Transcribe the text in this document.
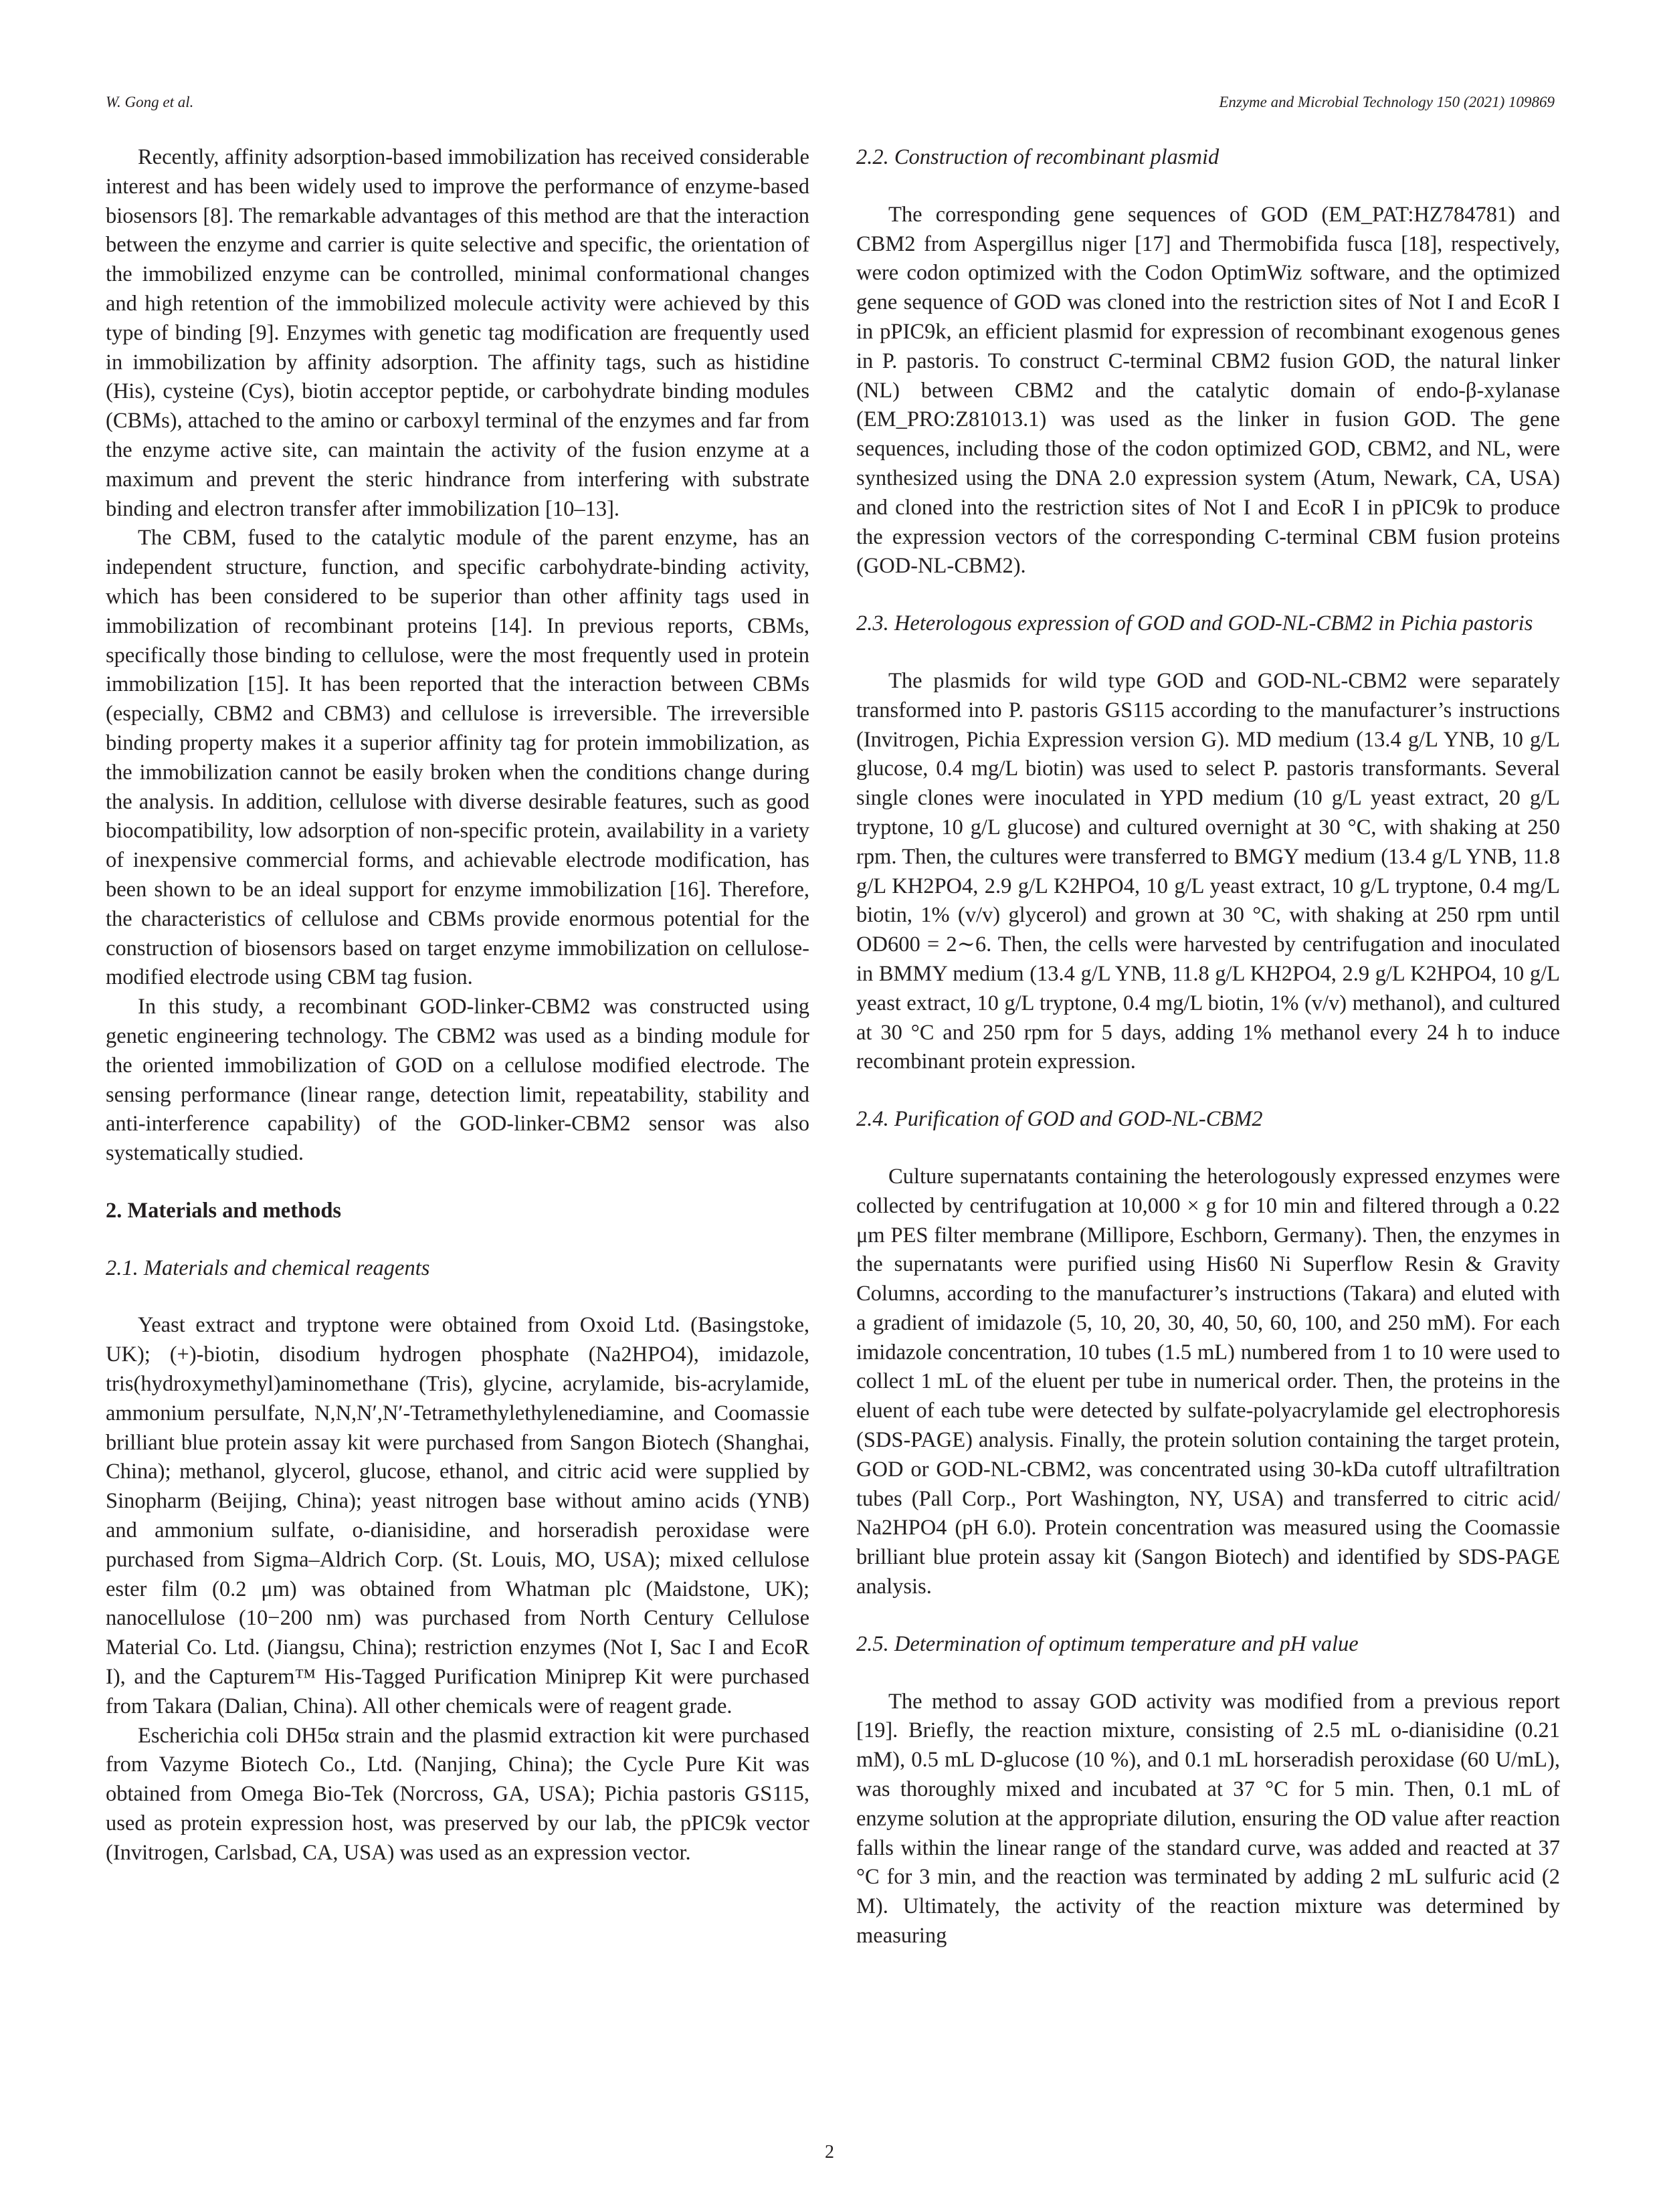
W. Gong et al.	Enzyme and Microbial Technology 150 (2021) 109869

Recently, affinity adsorption-based immobilization has received considerable interest and has been widely used to improve the performance of enzyme-based biosensors [8]. The remarkable advantages of this method are that the interaction between the enzyme and carrier is quite selective and specific, the orientation of the immobilized enzyme can be controlled, minimal conformational changes and high retention of the immobilized molecule activity were achieved by this type of binding [9]. Enzymes with genetic tag modification are frequently used in immobilization by affinity adsorption. The affinity tags, such as histidine (His), cysteine (Cys), biotin acceptor peptide, or carbohydrate binding modules (CBMs), attached to the amino or carboxyl terminal of the enzymes and far from the enzyme active site, can maintain the activity of the fusion enzyme at a maximum and prevent the steric hindrance from interfering with substrate binding and electron transfer after immobilization [10–13].

The CBM, fused to the catalytic module of the parent enzyme, has an independent structure, function, and specific carbohydrate-binding activity, which has been considered to be superior than other affinity tags used in immobilization of recombinant proteins [14]. In previous reports, CBMs, specifically those binding to cellulose, were the most frequently used in protein immobilization [15]. It has been reported that the interaction between CBMs (especially, CBM2 and CBM3) and cellulose is irreversible. The irreversible binding property makes it a superior affinity tag for protein immobilization, as the immobilization cannot be easily broken when the conditions change during the analysis. In addition, cellulose with diverse desirable features, such as good biocompatibility, low adsorption of non-specific protein, availability in a variety of inexpensive commercial forms, and achievable electrode modification, has been shown to be an ideal support for enzyme immobilization [16]. Therefore, the characteristics of cellulose and CBMs provide enormous potential for the construction of biosensors based on target enzyme immobilization on cellulose-modified electrode using CBM tag fusion.

In this study, a recombinant GOD-linker-CBM2 was constructed using genetic engineering technology. The CBM2 was used as a binding module for the oriented immobilization of GOD on a cellulose modified electrode. The sensing performance (linear range, detection limit, repeatability, stability and anti-interference capability) of the GOD-linker-CBM2 sensor was also systematically studied.

2. Materials and methods
2.1. Materials and chemical reagents

Yeast extract and tryptone were obtained from Oxoid Ltd. (Basingstoke, UK); (+)-biotin, disodium hydrogen phosphate (Na2HPO4), imidazole, tris(hydroxymethyl)aminomethane (Tris), glycine, acrylamide, bis-acrylamide, ammonium persulfate, N,N,N′,N′-Tetramethylethylenediamine, and Coomassie brilliant blue protein assay kit were purchased from Sangon Biotech (Shanghai, China); methanol, glycerol, glucose, ethanol, and citric acid were supplied by Sinopharm (Beijing, China); yeast nitrogen base without amino acids (YNB) and ammonium sulfate, o-dianisidine, and horseradish peroxidase were purchased from Sigma–Aldrich Corp. (St. Louis, MO, USA); mixed cellulose ester film (0.2 μm) was obtained from Whatman plc (Maidstone, UK); nanocellulose (10−200 nm) was purchased from North Century Cellulose Material Co. Ltd. (Jiangsu, China); restriction enzymes (Not I, Sac I and EcoR I), and the Capturem™ His-Tagged Purification Miniprep Kit were purchased from Takara (Dalian, China). All other chemicals were of reagent grade.

Escherichia coli DH5α strain and the plasmid extraction kit were purchased from Vazyme Biotech Co., Ltd. (Nanjing, China); the Cycle Pure Kit was obtained from Omega Bio-Tek (Norcross, GA, USA); Pichia pastoris GS115, used as protein expression host, was preserved by our lab, the pPIC9k vector (Invitrogen, Carlsbad, CA, USA) was used as an expression vector.

2.2. Construction of recombinant plasmid

The corresponding gene sequences of GOD (EM_PAT:HZ784781) and CBM2 from Aspergillus niger [17] and Thermobifida fusca [18], respectively, were codon optimized with the Codon OptimWiz software, and the optimized gene sequence of GOD was cloned into the restriction sites of Not I and EcoR I in pPIC9k, an efficient plasmid for expression of recombinant exogenous genes in P. pastoris. To construct C-terminal CBM2 fusion GOD, the natural linker (NL) between CBM2 and the catalytic domain of endo-β-xylanase (EM_PRO:Z81013.1) was used as the linker in fusion GOD. The gene sequences, including those of the codon optimized GOD, CBM2, and NL, were synthesized using the DNA 2.0 expression system (Atum, Newark, CA, USA) and cloned into the restriction sites of Not I and EcoR I in pPIC9k to produce the expression vectors of the corresponding C-terminal CBM fusion proteins (GOD-NL-CBM2).

2.3. Heterologous expression of GOD and GOD-NL-CBM2 in Pichia pastoris

The plasmids for wild type GOD and GOD-NL-CBM2 were separately transformed into P. pastoris GS115 according to the manufacturer’s instructions (Invitrogen, Pichia Expression version G). MD medium (13.4 g/L YNB, 10 g/L glucose, 0.4 mg/L biotin) was used to select P. pastoris transformants. Several single clones were inoculated in YPD medium (10 g/L yeast extract, 20 g/L tryptone, 10 g/L glucose) and cultured overnight at 30 °C, with shaking at 250 rpm. Then, the cultures were transferred to BMGY medium (13.4 g/L YNB, 11.8 g/L KH2PO4, 2.9 g/L K2HPO4, 10 g/L yeast extract, 10 g/L tryptone, 0.4 mg/L biotin, 1% (v/v) glycerol) and grown at 30 °C, with shaking at 250 rpm until OD600 = 2∼6. Then, the cells were harvested by centrifugation and inoculated in BMMY medium (13.4 g/L YNB, 11.8 g/L KH2PO4, 2.9 g/L K2HPO4, 10 g/L yeast extract, 10 g/L tryptone, 0.4 mg/L biotin, 1% (v/v) methanol), and cultured at 30 °C and 250 rpm for 5 days, adding 1% methanol every 24 h to induce recombinant protein expression.

2.4. Purification of GOD and GOD-NL-CBM2

Culture supernatants containing the heterologously expressed enzymes were collected by centrifugation at 10,000 × g for 10 min and filtered through a 0.22 μm PES filter membrane (Millipore, Eschborn, Germany). Then, the enzymes in the supernatants were purified using His60 Ni Superflow Resin & Gravity Columns, according to the manufacturer’s instructions (Takara) and eluted with a gradient of imidazole (5, 10, 20, 30, 40, 50, 60, 100, and 250 mM). For each imidazole concentration, 10 tubes (1.5 mL) numbered from 1 to 10 were used to collect 1 mL of the eluent per tube in numerical order. Then, the proteins in the eluent of each tube were detected by sulfate-polyacrylamide gel electrophoresis (SDS-PAGE) analysis. Finally, the protein solution containing the target protein, GOD or GOD-NL-CBM2, was concentrated using 30-kDa cutoff ultrafiltration tubes (Pall Corp., Port Washington, NY, USA) and transferred to citric acid/ Na2HPO4 (pH 6.0). Protein concentration was measured using the Coomassie brilliant blue protein assay kit (Sangon Biotech) and identified by SDS-PAGE analysis.

2.5. Determination of optimum temperature and pH value

The method to assay GOD activity was modified from a previous report [19]. Briefly, the reaction mixture, consisting of 2.5 mL o-dianisidine (0.21 mM), 0.5 mL D-glucose (10 %), and 0.1 mL horseradish peroxidase (60 U/mL), was thoroughly mixed and incubated at 37 °C for 5 min. Then, 0.1 mL of enzyme solution at the appropriate dilution, ensuring the OD value after reaction falls within the linear range of the standard curve, was added and reacted at 37 °C for 3 min, and the reaction was terminated by adding 2 mL sulfuric acid (2 M). Ultimately, the activity of the reaction mixture was determined by measuring

2
